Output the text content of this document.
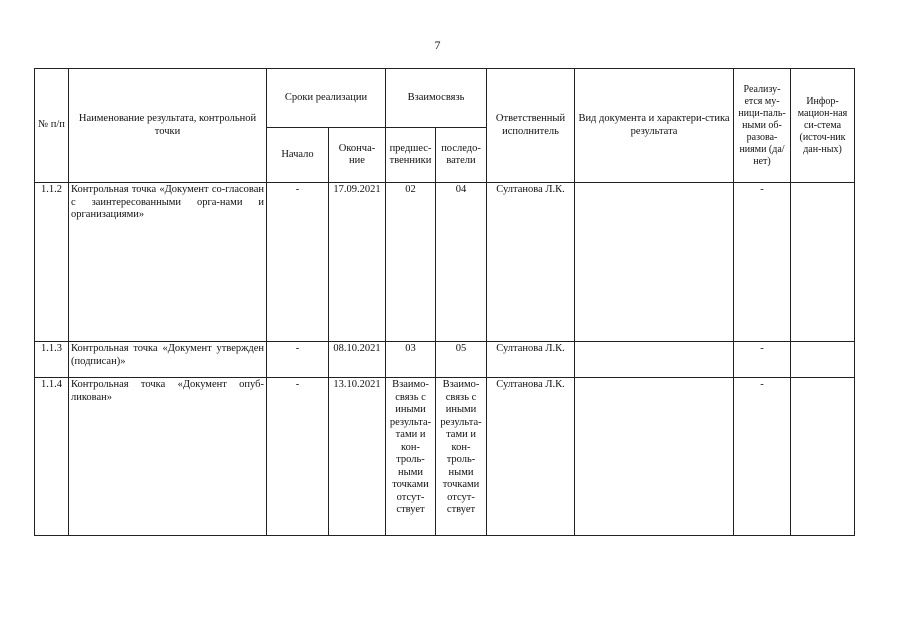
7
№ п/п	Наименование результата, контрольной точки	Сроки реализации		Взаимосвязь		Ответственный исполнитель	Вид документа и характери-стика результата	Реализу-ется му-ници-паль-ными об-разова-ниями (да/нет)	Инфор-мацион-ная си-стема (источ-ник дан-ных)
		Начало	Оконча-ние	предшес-твенники	последо-ватели				
1.1.2	Контрольная точка «Документ со-гласован с заинтересованными орга-нами и организациями»	-	17.09.2021	02	04	Султанова Л.К.		-	
1.1.3	Контрольная точка «Документ утвержден (подписан)»	-	08.10.2021	03	05	Султанова Л.К.		-	
1.1.4	Контрольная точка «Документ опуб-ликован»	-	13.10.2021	Взаимо-связь с иными результа-тами и кон-троль-ными точками отсут-ствует	Взаимо-связь с иными результа-тами и кон-троль-ными точками отсут-ствует	Султанова Л.К.		-	
